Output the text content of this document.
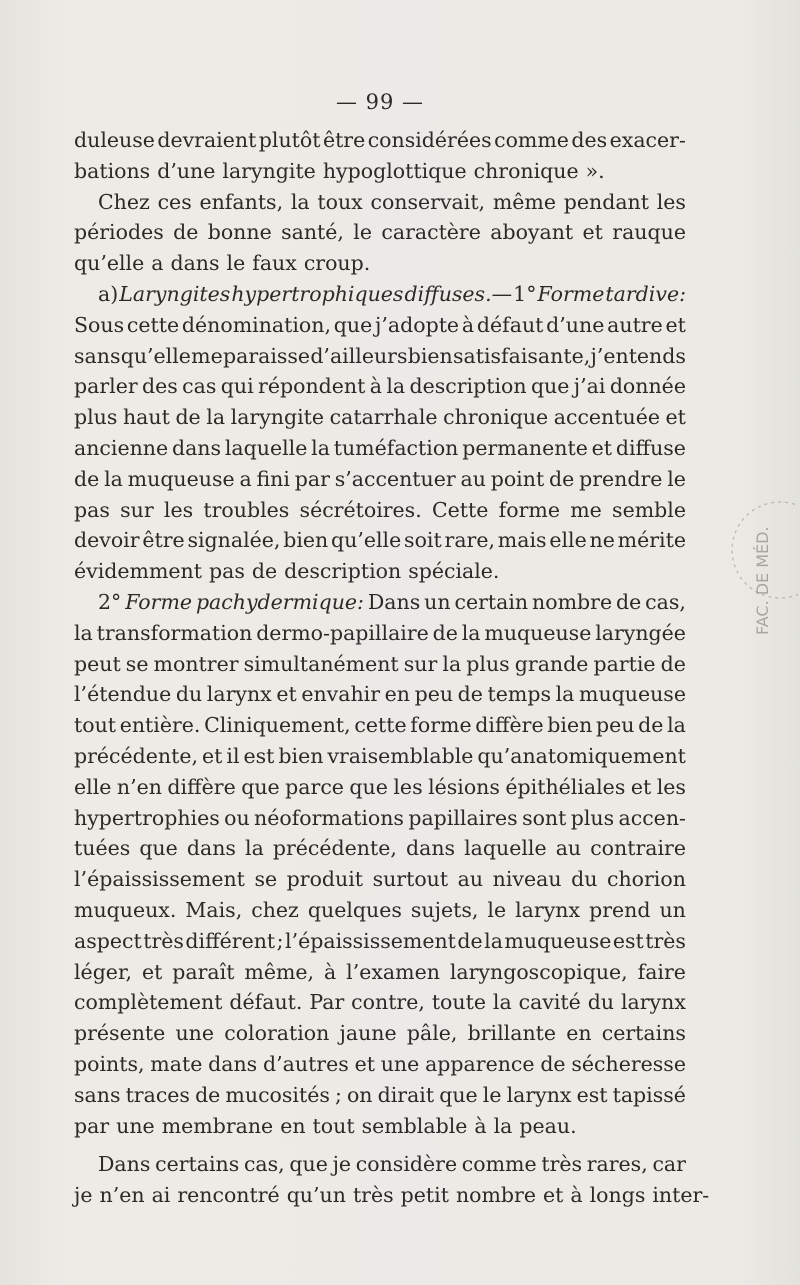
— 99 —
duleuse devraient plutôt être considérées comme des exacer-
bations d’une laryngite hypoglottique chronique ».
Chez ces enfants, la toux conservait, même pendant les
périodes de bonne santé, le caractère aboyant et rauque
qu’elle a dans le faux croup.
a) Laryngites hypertrophiques diffuses.— 1° Forme tardive:
Sous cette dénomination, que j’adopte à défaut d’une autre et
sans qu’elle me paraisse d’ailleurs bien satisfaisante, j’entends
parler des cas qui répondent à la description que j’ai donnée
plus haut de la laryngite catarrhale chronique accentuée et
ancienne dans laquelle la tuméfaction permanente et diffuse
de la muqueuse a fini par s’accentuer au point de prendre le
pas sur les troubles sécrétoires. Cette forme me semble
devoir être signalée, bien qu’elle soit rare, mais elle ne mérite
évidemment pas de description spéciale.
2° Forme pachydermique: Dans un certain nombre de cas,
la transformation dermo-papillaire de la muqueuse laryngée
peut se montrer simultanément sur la plus grande partie de
l’étendue du larynx et envahir en peu de temps la muqueuse
tout entière. Cliniquement, cette forme diffère bien peu de la
précédente, et il est bien vraisemblable qu’anatomiquement
elle n’en diffère que parce que les lésions épithéliales et les
hypertrophies ou néoformations papillaires sont plus accen-
tuées que dans la précédente, dans laquelle au contraire
l’épaississement se produit surtout au niveau du chorion
muqueux. Mais, chez quelques sujets, le larynx prend un
aspect très différent ; l’épaississement de la muqueuse est très
léger, et paraît même, à l’examen laryngoscopique, faire
complètement défaut. Par contre, toute la cavité du larynx
présente une coloration jaune pâle, brillante en certains
points, mate dans d’autres et une apparence de sécheresse
sans traces de mucosités ; on dirait que le larynx est tapissé
par une membrane en tout semblable à la peau.
Dans certains cas, que je considère comme très rares, car
je n’en ai rencontré qu’un très petit nombre et à longs inter-
FAC. DE MÉD.
